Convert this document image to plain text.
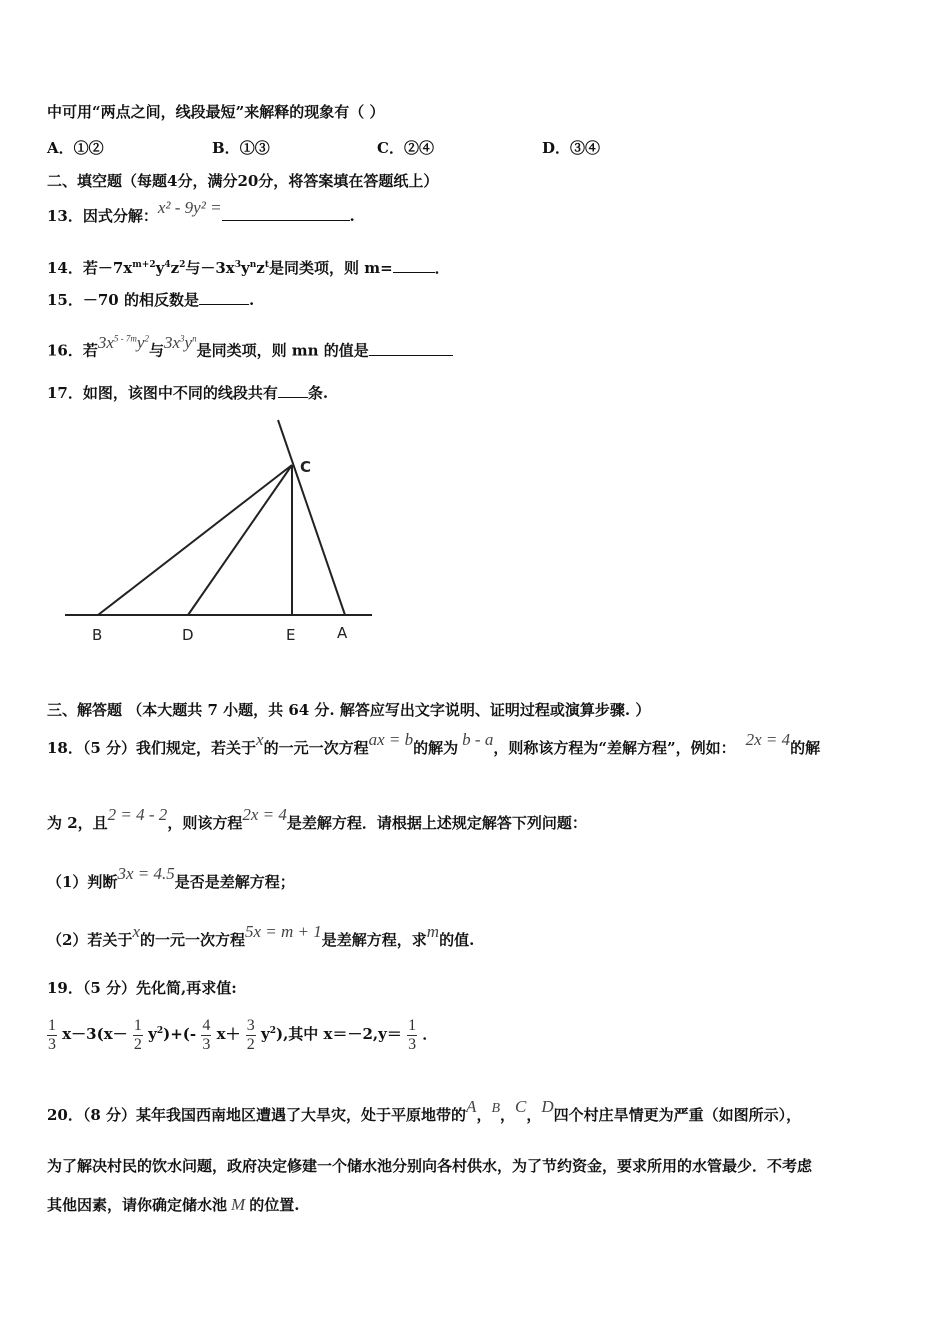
中可用“两点之间，线段最短”来解释的现象有（ ）
A．①②	B．①③	C．②④	D．③④
二、填空题（每题4分，满分20分，将答案填在答题纸上）
13．因式分解：x² - 9y² =	.
14．若$-7x^{m+2}y^4z^2$与$-3x^3y^nz^t$是同类项，则 m=	．
15．－70 的相反数是	.
16．若$3x^{5 - 7m}y^2$与$3x^3y^n$是同类项，则 mn 的值是
17．如图，该图中不同的线段共有 条.
C
B	D	E	A
三、解答题 （本大题共 7 小题，共 64 分. 解答应写出文字说明、证明过程或演算步骤. ）
18．（5 分）我们规定，若关于x的一元一次方程ax = b的解为 b - a，则称该方程为“差解方程”，例如： 2x = 4的解
为 2，且2 = 4 - 2，则该方程2x = 4是差解方程．请根据上述规定解答下列问题：
（1）判断3x = 4.5是否是差解方程；
（2）若关于x的一元一次方程5x = m + 1是差解方程，求m的值.
19．（5 分）先化简,再求值:
$\frac{1}{3} x-3(x- \frac{1}{2} y^2)+(- \frac{4}{3} x+ \frac{3}{2} y^2)$,其中 $x=-2,y= \frac{1}{3}$ ．
20．（8 分）某年我国西南地区遭遇了大旱灾，处于平原地带的A，B，C，D四个村庄旱情更为严重（如图所示），
为了解决村民的饮水问题，政府决定修建一个储水池分别向各村供水，为了节约资金，要求所用的水管最少．不考虑
其他因素，请你确定储水池 M 的位置.
